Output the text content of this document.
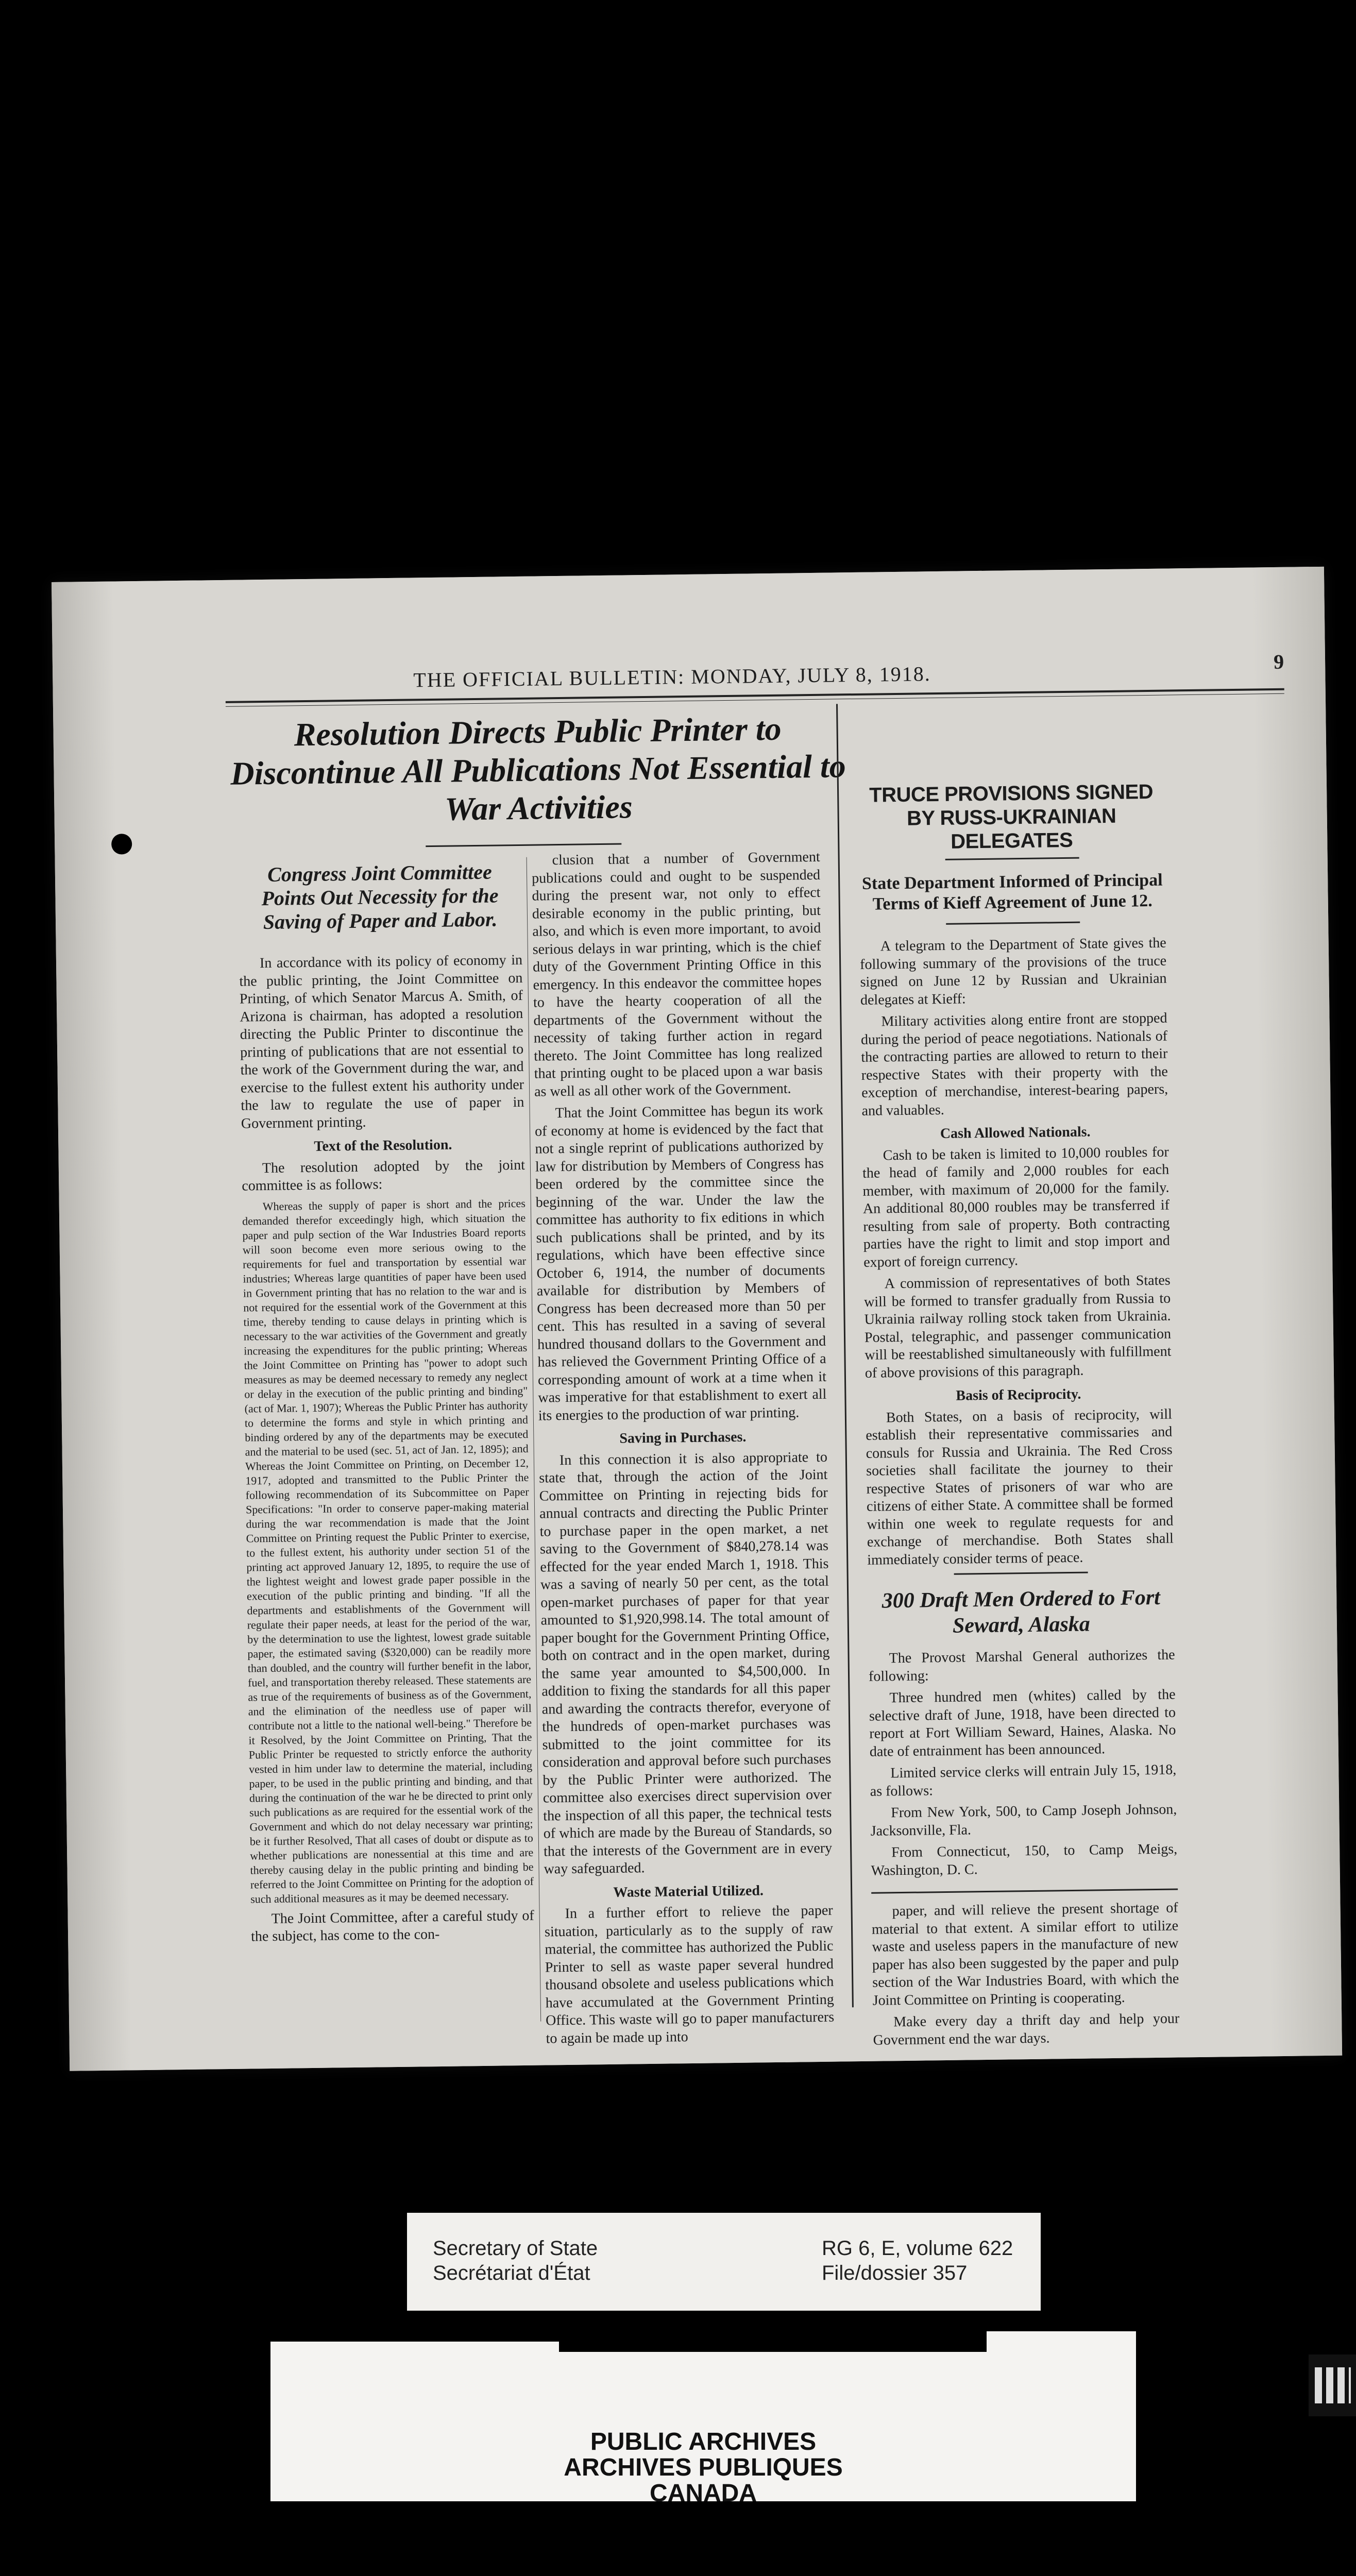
THE OFFICIAL BULLETIN: MONDAY, JULY 8, 1918.
9
Resolution Directs Public Printer to Discontinue All Publications Not Essential to War Activities
Congress Joint Committee Points Out Necessity for the Saving of Paper and Labor.

In accordance with its policy of economy in the public printing, the Joint Committee on Printing, of which Senator Marcus A. Smith, of Arizona is chairman, has adopted a resolution directing the Public Printer to discontinue the printing of publications that are not essential to the work of the Government during the war, and exercise to the fullest extent his authority under the law to regulate the use of paper in Government printing.

Text of the Resolution.

The resolution adopted by the joint committee is as follows:

Whereas the supply of paper is short and the prices demanded therefor exceedingly high, which situation the paper and pulp section of the War Industries Board reports will soon become even more serious owing to the requirements for fuel and transportation by essential war industries; Whereas large quantities of paper have been used in Government printing that has no relation to the war and is not required for the essential work of the Government at this time, thereby tending to cause delays in printing which is necessary to the war activities of the Government and greatly increasing the expenditures for the public printing; Whereas the Joint Committee on Printing has "power to adopt such measures as may be deemed necessary to remedy any neglect or delay in the execution of the public printing and binding" (act of Mar. 1, 1907); Whereas the Public Printer has authority to determine the forms and style in which printing and binding ordered by any of the departments may be executed and the material to be used (sec. 51, act of Jan. 12, 1895); and Whereas the Joint Committee on Printing, on December 12, 1917, adopted and transmitted to the Public Printer the following recommendation of its Subcommittee on Paper Specifications: "In order to conserve paper-making material during the war recommendation is made that the Joint Committee on Printing request the Public Printer to exercise, to the fullest extent, his authority under section 51 of the printing act approved January 12, 1895, to require the use of the lightest weight and lowest grade paper possible in the execution of the public printing and binding. "If all the departments and establishments of the Government will regulate their paper needs, at least for the period of the war, by the determination to use the lightest, lowest grade suitable paper, the estimated saving ($320,000) can be readily more than doubled, and the country will further benefit in the labor, fuel, and transportation thereby released. These statements are as true of the requirements of business as of the Government, and the elimination of the needless use of paper will contribute not a little to the national well-being." Therefore be it Resolved, by the Joint Committee on Printing, That the Public Printer be requested to strictly enforce the authority vested in him under law to determine the material, including paper, to be used in the public printing and binding, and that during the continuation of the war he be directed to print only such publications as are required for the essential work of the Government and which do not delay necessary war printing; be it further Resolved, That all cases of doubt or dispute as to whether publications are nonessential at this time and are thereby causing delay in the public printing and binding be referred to the Joint Committee on Printing for the adoption of such additional measures as it may be deemed necessary.

The Joint Committee, after a careful study of the subject, has come to the con-

clusion that a number of Government publications could and ought to be suspended during the present war, not only to effect desirable economy in the public printing, but also, and which is even more important, to avoid serious delays in war printing, which is the chief duty of the Government Printing Office in this emergency. In this endeavor the committee hopes to have the hearty cooperation of all the departments of the Government without the necessity of taking further action in regard thereto. The Joint Committee has long realized that printing ought to be placed upon a war basis as well as all other work of the Government.

That the Joint Committee has begun its work of economy at home is evidenced by the fact that not a single reprint of publications authorized by law for distribution by Members of Congress has been ordered by the committee since the beginning of the war. Under the law the committee has authority to fix editions in which such publications shall be printed, and by its regulations, which have been effective since October 6, 1914, the number of documents available for distribution by Members of Congress has been decreased more than 50 per cent. This has resulted in a saving of several hundred thousand dollars to the Government and has relieved the Government Printing Office of a corresponding amount of work at a time when it was imperative for that establishment to exert all its energies to the production of war printing.

Saving in Purchases.

In this connection it is also appropriate to state that, through the action of the Joint Committee on Printing in rejecting bids for annual contracts and directing the Public Printer to purchase paper in the open market, a net saving to the Government of $840,278.14 was effected for the year ended March 1, 1918. This was a saving of nearly 50 per cent, as the total open-market purchases of paper for that year amounted to $1,920,998.14. The total amount of paper bought for the Government Printing Office, both on contract and in the open market, during the same year amounted to $4,500,000. In addition to fixing the standards for all this paper and awarding the contracts therefor, everyone of the hundreds of open-market purchases was submitted to the joint committee for its consideration and approval before such purchases by the Public Printer were authorized. The committee also exercises direct supervision over the inspection of all this paper, the technical tests of which are made by the Bureau of Standards, so that the interests of the Government are in every way safeguarded.

Waste Material Utilized.

In a further effort to relieve the paper situation, particularly as to the supply of raw material, the committee has authorized the Public Printer to sell as waste paper several hundred thousand obsolete and useless publications which have accumulated at the Government Printing Office. This waste will go to paper manufacturers to again be made up into

TRUCE PROVISIONS SIGNED BY RUSS-UKRAINIAN DELEGATES
State Department Informed of Principal Terms of Kieff Agreement of June 12.

A telegram to the Department of State gives the following summary of the provisions of the truce signed on June 12 by Russian and Ukrainian delegates at Kieff:

Military activities along entire front are stopped during the period of peace negotiations. Nationals of the contracting parties are allowed to return to their respective States with their property with the exception of merchandise, interest-bearing papers, and valuables.

Cash Allowed Nationals.

Cash to be taken is limited to 10,000 roubles for the head of family and 2,000 roubles for each member, with maximum of 20,000 for the family. An additional 80,000 roubles may be transferred if resulting from sale of property. Both contracting parties have the right to limit and stop import and export of foreign currency.

A commission of representatives of both States will be formed to transfer gradually from Russia to Ukrainia railway rolling stock taken from Ukrainia. Postal, telegraphic, and passenger communication will be reestablished simultaneously with fulfillment of above provisions of this paragraph.

Basis of Reciprocity.

Both States, on a basis of reciprocity, will establish their representative commissaries and consuls for Russia and Ukrainia. The Red Cross societies shall facilitate the journey to their respective States of prisoners of war who are citizens of either State. A committee shall be formed within one week to regulate requests for and exchange of merchandise. Both States shall immediately consider terms of peace.

300 Draft Men Ordered to Fort Seward, Alaska

The Provost Marshal General authorizes the following:

Three hundred men (whites) called by the selective draft of June, 1918, have been directed to report at Fort William Seward, Haines, Alaska. No date of entrainment has been announced.

Limited service clerks will entrain July 15, 1918, as follows:

From New York, 500, to Camp Joseph Johnson, Jacksonville, Fla.

From Connecticut, 150, to Camp Meigs, Washington, D. C.

paper, and will relieve the present shortage of material to that extent. A similar effort to utilize waste and useless papers in the manufacture of new paper has also been suggested by the paper and pulp section of the War Industries Board, with which the Joint Committee on Printing is cooperating.

Make every day a thrift day and help your Government end the war days.

Secretary of State
Secrétariat d'État
RG 6, E, volume 622
File/dossier 357
PUBLIC ARCHIVES
ARCHIVES PUBLIQUES
CANADA
